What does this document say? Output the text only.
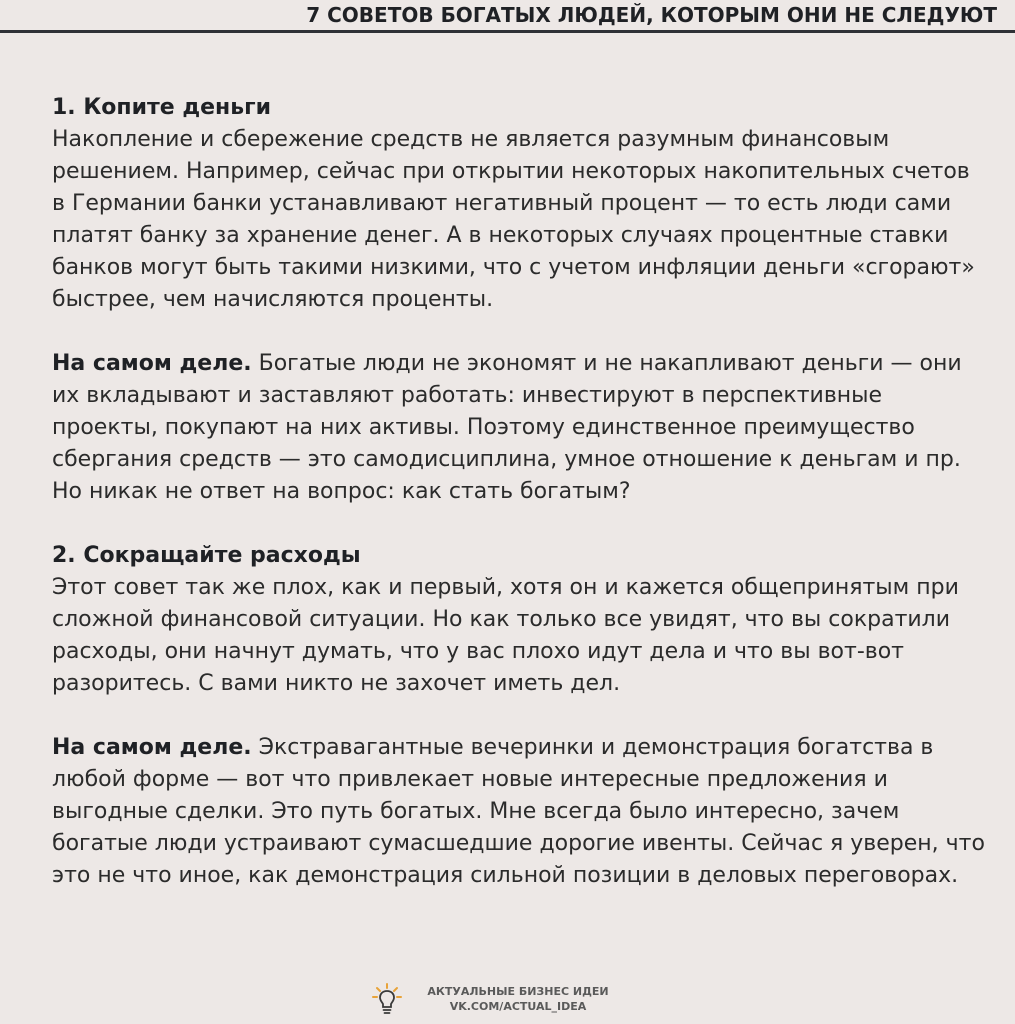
7 СОВЕТОВ БОГАТЫХ ЛЮДЕЙ, КОТОРЫМ ОНИ НЕ СЛЕДУЮТ

1. Копите деньги

Накопление и сбережение средств не является разумным финансовым решением. Например, сейчас при открытии некоторых накопительных счетов в Германии банки устанавливают негативный процент — то есть люди сами платят банку за хранение денег. А в некоторых случаях процентные ставки банков могут быть такими низкими, что с учетом инфляции деньги «сгорают» быстрее, чем начисляются проценты.

На самом деле. Богатые люди не экономят и не накапливают деньги — они их вкладывают и заставляют работать: инвестируют в перспективные проекты, покупают на них активы. Поэтому единственное преимущество сбергания средств — это самодисциплина, умное отношение к деньгам и пр. Но никак не ответ на вопрос: как стать богатым?

2. Сокращайте расходы

Этот совет так же плох, как и первый, хотя он и кажется общепринятым при сложной финансовой ситуации. Но как только все увидят, что вы сократили расходы, они начнут думать, что у вас плохо идут дела и что вы вот-вот разоритесь. С вами никто не захочет иметь дел.

На самом деле. Экстравагантные вечеринки и демонстрация богатства в любой форме — вот что привлекает новые интересные предложения и выгодные сделки. Это путь богатых. Мне всегда было интересно, зачем богатые люди устраивают сумасшедшие дорогие ивенты. Сейчас я уверен, что это не что иное, как демонстрация сильной позиции в деловых переговорах.

АКТУАЛЬНЫЕ БИЗНЕС ИДЕИ
VK.COM/ACTUAL_IDEA
